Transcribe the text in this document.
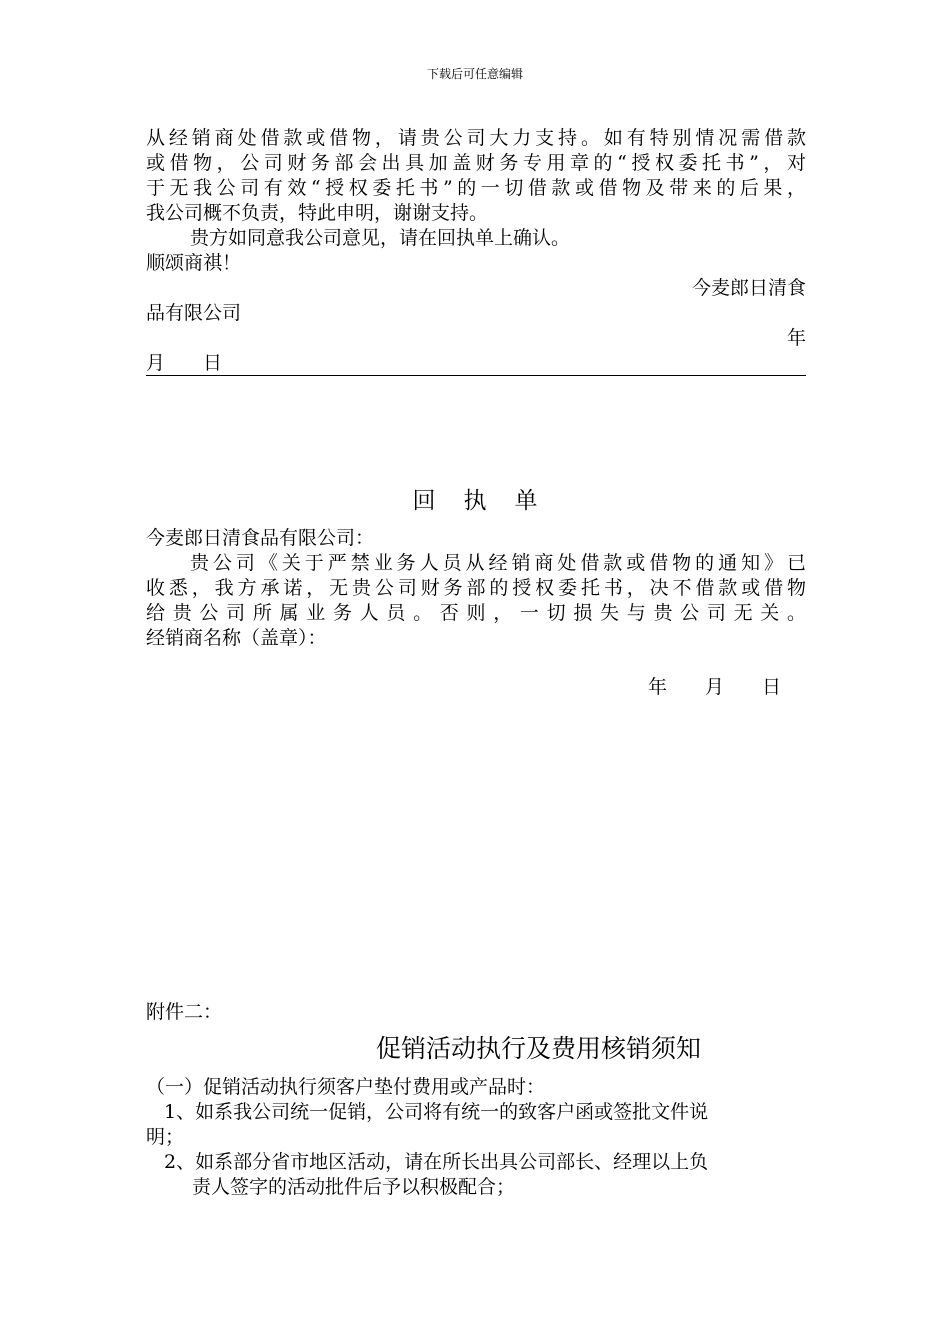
下载后可任意编辑
从经销商处借款或借物，请贵公司大力支持。如有特别情况需借款
或借物，公司财务部会出具加盖财务专用章的“授权委托书”，对
于无我公司有效“授权委托书”的一切借款或借物及带来的后果，
我公司概不负责，特此申明，谢谢支持。
贵方如同意我公司意见，请在回执单上确认。
顺颂商祺！
今麦郎日清食
品有限公司
年
月　　日
回执单
今麦郎日清食品有限公司：
贵公司《关于严禁业务人员从经销商处借款或借物的通知》已
收悉，我方承诺，无贵公司财务部的授权委托书，决不借款或借物
给贵公司所属业务人员。否则，一切损失与贵公司无关。
经销商名称（盖章）：
年　　月　　日
附件二：
促销活动执行及费用核销须知
（一）促销活动执行须客户垫付费用或产品时：
1、如系我公司统一促销，公司将有统一的致客户函或签批文件说
明；
2、如系部分省市地区活动，请在所长出具公司部长、经理以上负
责人签字的活动批件后予以积极配合；
